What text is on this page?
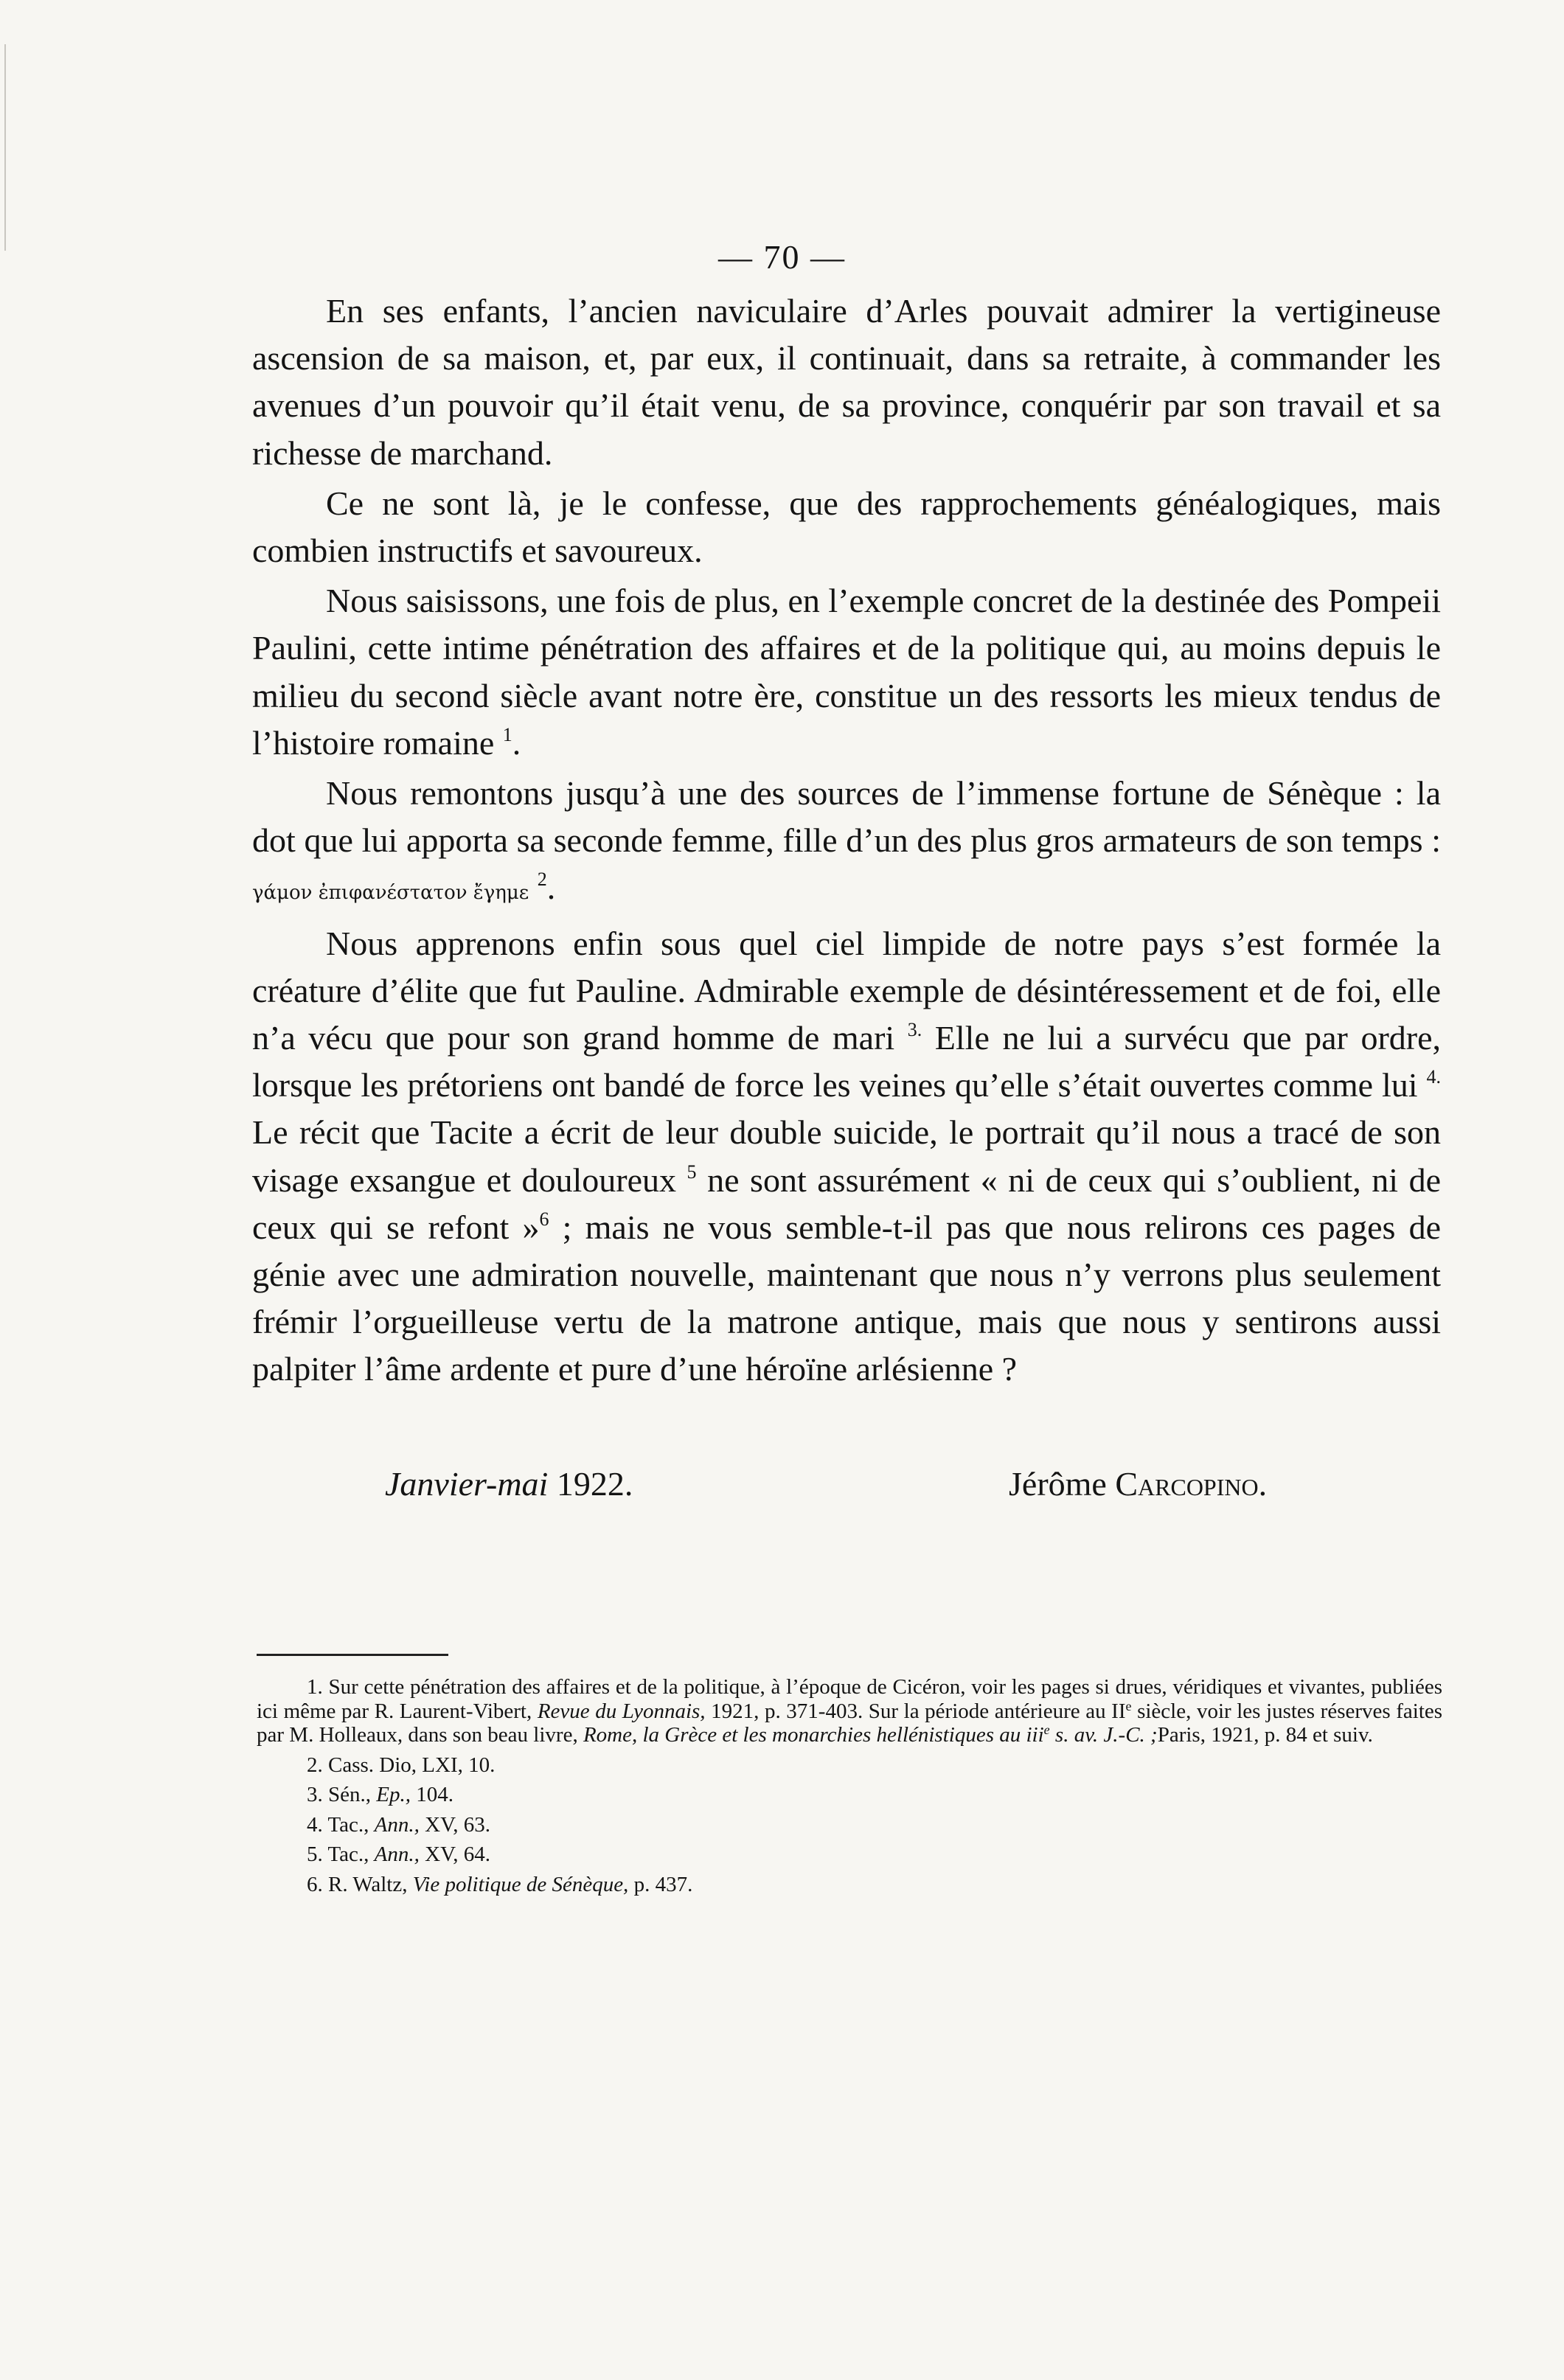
— 70 —

En ses enfants, l’ancien naviculaire d’Arles pouvait admirer la vertigineuse ascension de sa maison, et, par eux, il continuait, dans sa retraite, à commander les avenues d’un pouvoir qu’il était venu, de sa province, conquérir par son travail et sa richesse de marchand.

Ce ne sont là, je le confesse, que des rapprochements généalogiques, mais combien instructifs et savoureux.

Nous saisissons, une fois de plus, en l’exemple concret de la destinée des Pompeii Paulini, cette intime pénétration des affaires et de la politique qui, au moins depuis le milieu du second siècle avant notre ère, constitue un des ressorts les mieux tendus de l’histoire romaine $^1$.

Nous remontons jusqu’à une des sources de l’immense fortune de Sénèque : la dot que lui apporta sa seconde femme, fille d’un des plus gros armateurs de son temps : γάμον ἐπιφανέστατον ἔγημε $^2$.

Nous apprenons enfin sous quel ciel limpide de notre pays s’est formée la créature d’élite que fut Pauline. Admirable exemple de désintéressement et de foi, elle n’a vécu que pour son grand homme de mari $^{3.}$ Elle ne lui a survécu que par ordre, lorsque les prétoriens ont bandé de force les veines qu’elle s’était ouvertes comme lui $^{4.}$ Le récit que Tacite a écrit de leur double suicide, le portrait qu’il nous a tracé de son visage exsangue et douloureux $^5$ ne sont assurément « ni de ceux qui s’oublient, ni de ceux qui se refont »$^6$ ; mais ne vous semble-t-il pas que nous relirons ces pages de génie avec une admiration nouvelle, maintenant que nous n’y verrons plus seulement frémir l’orgueilleuse vertu de la matrone antique, mais que nous y sentirons aussi palpiter l’âme ardente et pure d’une héroïne arlésienne ?

Janvier-mai 1922.	Jérôme Carcopino.

1. Sur cette pénétration des affaires et de la politique, à l’époque de Cicéron, voir les pages si drues, véridiques et vivantes, publiées ici même par R. Laurent-Vibert, Revue du Lyonnais, 1921, p. 371-403. Sur la période antérieure au IIe siècle, voir les justes réserves faites par M. Holleaux, dans son beau livre, Rome, la Grèce et les monarchies hellénistiques au iii$^e$ s. av. J.-C. ;Paris, 1921, p. 84 et suiv.

2. Cass. Dio, LXI, 10.

3. Sén., Ep., 104.

4. Tac., Ann., XV, 63.

5. Tac., Ann., XV, 64.

6. R. Waltz, Vie politique de Sénèque, p. 437.
